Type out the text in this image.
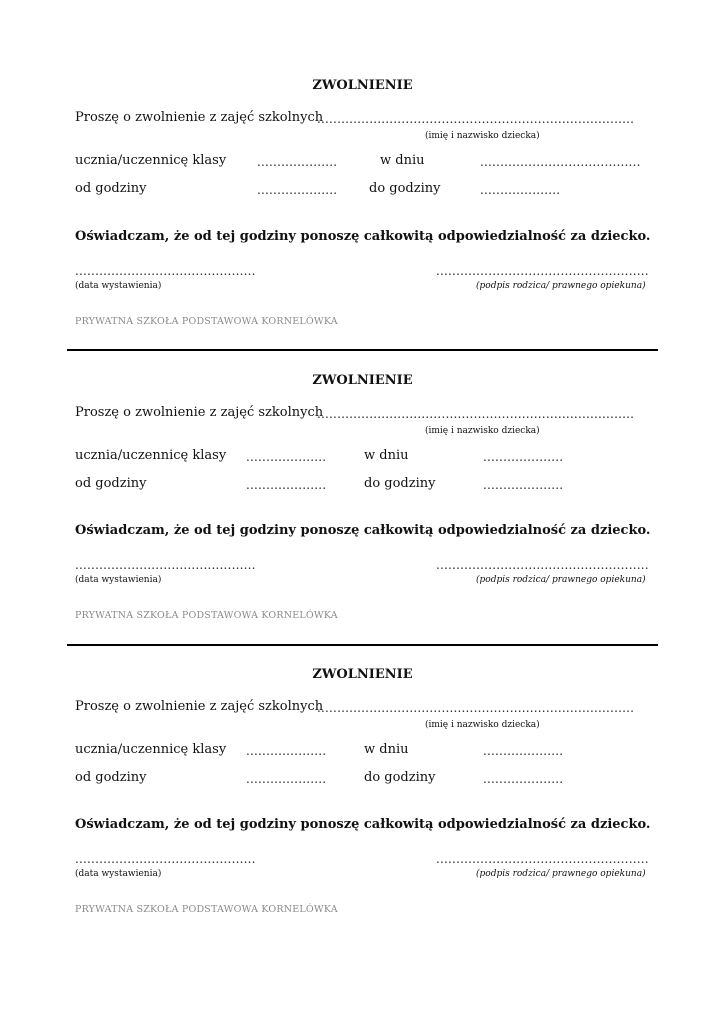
ZWOLNIENIE
Proszę o zwolnienie z zajęć szkolnych
...............................................................................
(imię i nazwisko dziecka)
ucznia/uczennicę klasy	....................	w dniu	........................................
od godziny	.................... do godziny	....................
Oświadczam, że od tej godziny ponoszę całkowitą odpowiedzialność za dziecko.
.............................................
(data wystawienia)
.....................................................
(podpis rodzica/ prawnego opiekuna)
PRYWATNA SZKOŁA PODSTAWOWA KORNELÓWKA
ZWOLNIENIE
Proszę o zwolnienie z zajęć szkolnych
...............................................................................
(imię i nazwisko dziecka)
ucznia/uczennicę klasy ....................	w dniu	....................
od godziny	....................	do godziny	....................
Oświadczam, że od tej godziny ponoszę całkowitą odpowiedzialność za dziecko.
.............................................
(data wystawienia)
.....................................................
(podpis rodzica/ prawnego opiekuna)
PRYWATNA SZKOŁA PODSTAWOWA KORNELÓWKA
ZWOLNIENIE
Proszę o zwolnienie z zajęć szkolnych
...............................................................................
(imię i nazwisko dziecka)
ucznia/uczennicę klasy ....................	w dniu	....................
od godziny	....................	do godziny	....................
Oświadczam, że od tej godziny ponoszę całkowitą odpowiedzialność za dziecko.
.............................................
(data wystawienia)
.....................................................
(podpis rodzica/ prawnego opiekuna)
PRYWATNA SZKOŁA PODSTAWOWA KORNELÓWKA
